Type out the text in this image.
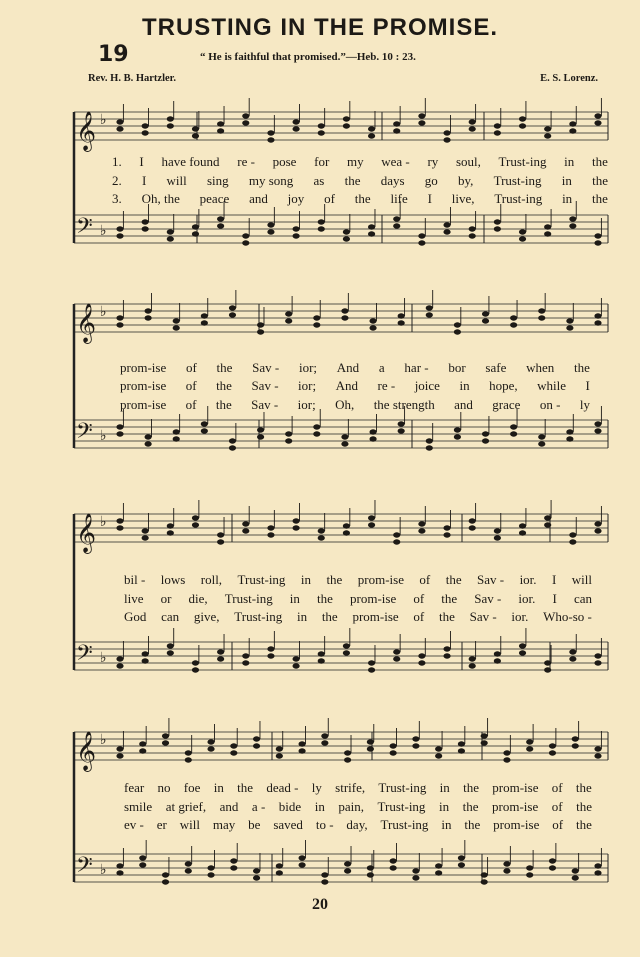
TRUSTING IN THE PROMISE.
19	“ He is faithful that promised.”—Heb. 10 : 23.
Rev. H. B. Hartzler.	E. S. Lorenz.
𝄞 ♭
𝄢 ♭
1. I have found re - pose for my wea - ry soul, Trust-ing in the
2. I will sing my song as the days go by, Trust-ing in the
3. Oh, the peace and joy of the life I live, Trust-ing in the
𝄞 ♭
𝄢 ♭
prom-ise of the Sav - ior; And a har - bor safe when the
prom-ise of the Sav - ior; And re - joice in hope, while I
prom-ise of the Sav - ior; Oh, the strength and grace on - ly
𝄞 ♭
𝄢 ♭
bil - lows roll, Trust-ing in the prom-ise of the Sav - ior. I will
live or die, Trust-ing in the prom-ise of the Sav - ior. I can
God can give, Trust-ing in the prom-ise of the Sav - ior. Who-so -
𝄞 ♭
𝄢 ♭
fear no foe in the dead - ly strife, Trust-ing in the prom-ise of the
smile at grief, and a - bide in pain, Trust-ing in the prom-ise of the
ev - er will may be saved to - day, Trust-ing in the prom-ise of the
20
